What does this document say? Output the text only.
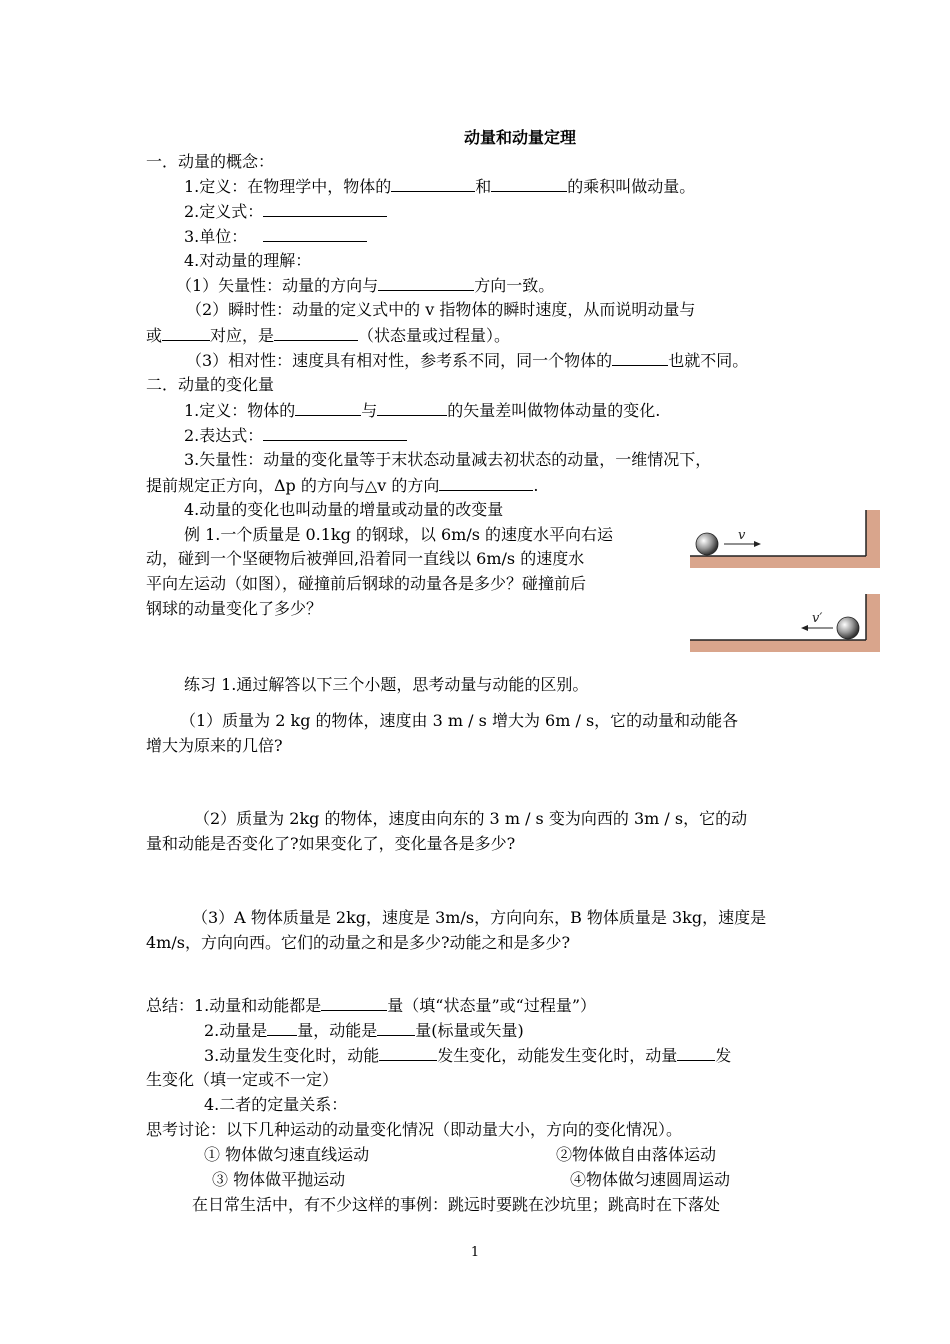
动量和动量定理
一．动量的概念：
1.定义：在物理学中，物体的	和	的乘积叫做动量。
2.定义式：
3.单位：
4.对动量的理解：
（1）矢量性：动量的方向与	方向一致。
（2）瞬时性：动量的定义式中的 v 指物体的瞬时速度，从而说明动量与
或	对应，是	（状态量或过程量）。
（3）相对性：速度具有相对性，参考系不同，同一个物体的	也就不同。
二．动量的变化量
1.定义：物体的	与	的矢量差叫做物体动量的变化.
2.表达式：
3.矢量性：动量的变化量等于末状态动量减去初状态的动量，一维情况下，
提前规定正方向，Δp 的方向与△v 的方向	.
4.动量的变化也叫动量的增量或动量的改变量
例 1.一个质量是 0.1kg 的钢球，以 6m/s 的速度水平向右运
动，碰到一个坚硬物后被弹回,沿着同一直线以 6m/s 的速度水
平向左运动（如图），碰撞前后钢球的动量各是多少？碰撞前后
钢球的动量变化了多少？
v
v′
练习 1.通过解答以下三个小题，思考动量与动能的区别。
（1）质量为 2 kg 的物体，速度由 3 m / s 增大为 6m / s，它的动量和动能各
增大为原来的几倍?
（2）质量为 2kg 的物体，速度由向东的 3 m / s 变为向西的 3m / s，它的动
量和动能是否变化了?如果变化了，变化量各是多少?
（3）A 物体质量是 2kg，速度是 3m/s，方向向东，B 物体质量是 3kg，速度是
4m/s，方向向西。它们的动量之和是多少?动能之和是多少?
总结：1.动量和动能都是	量（填“状态量”或“过程量”）
2.动量是 量，动能是 量(标量或矢量)
3.动量发生变化时，动能	发生变化，动能发生变化时，动量 发
生变化（填一定或不一定）
4.二者的定量关系：
思考讨论：以下几种运动的动量变化情况（即动量大小，方向的变化情况）。
① 物体做匀速直线运动	②物体做自由落体运动
③ 物体做平抛运动	④物体做匀速圆周运动
在日常生活中，有不少这样的事例：跳远时要跳在沙坑里；跳高时在下落处
1
